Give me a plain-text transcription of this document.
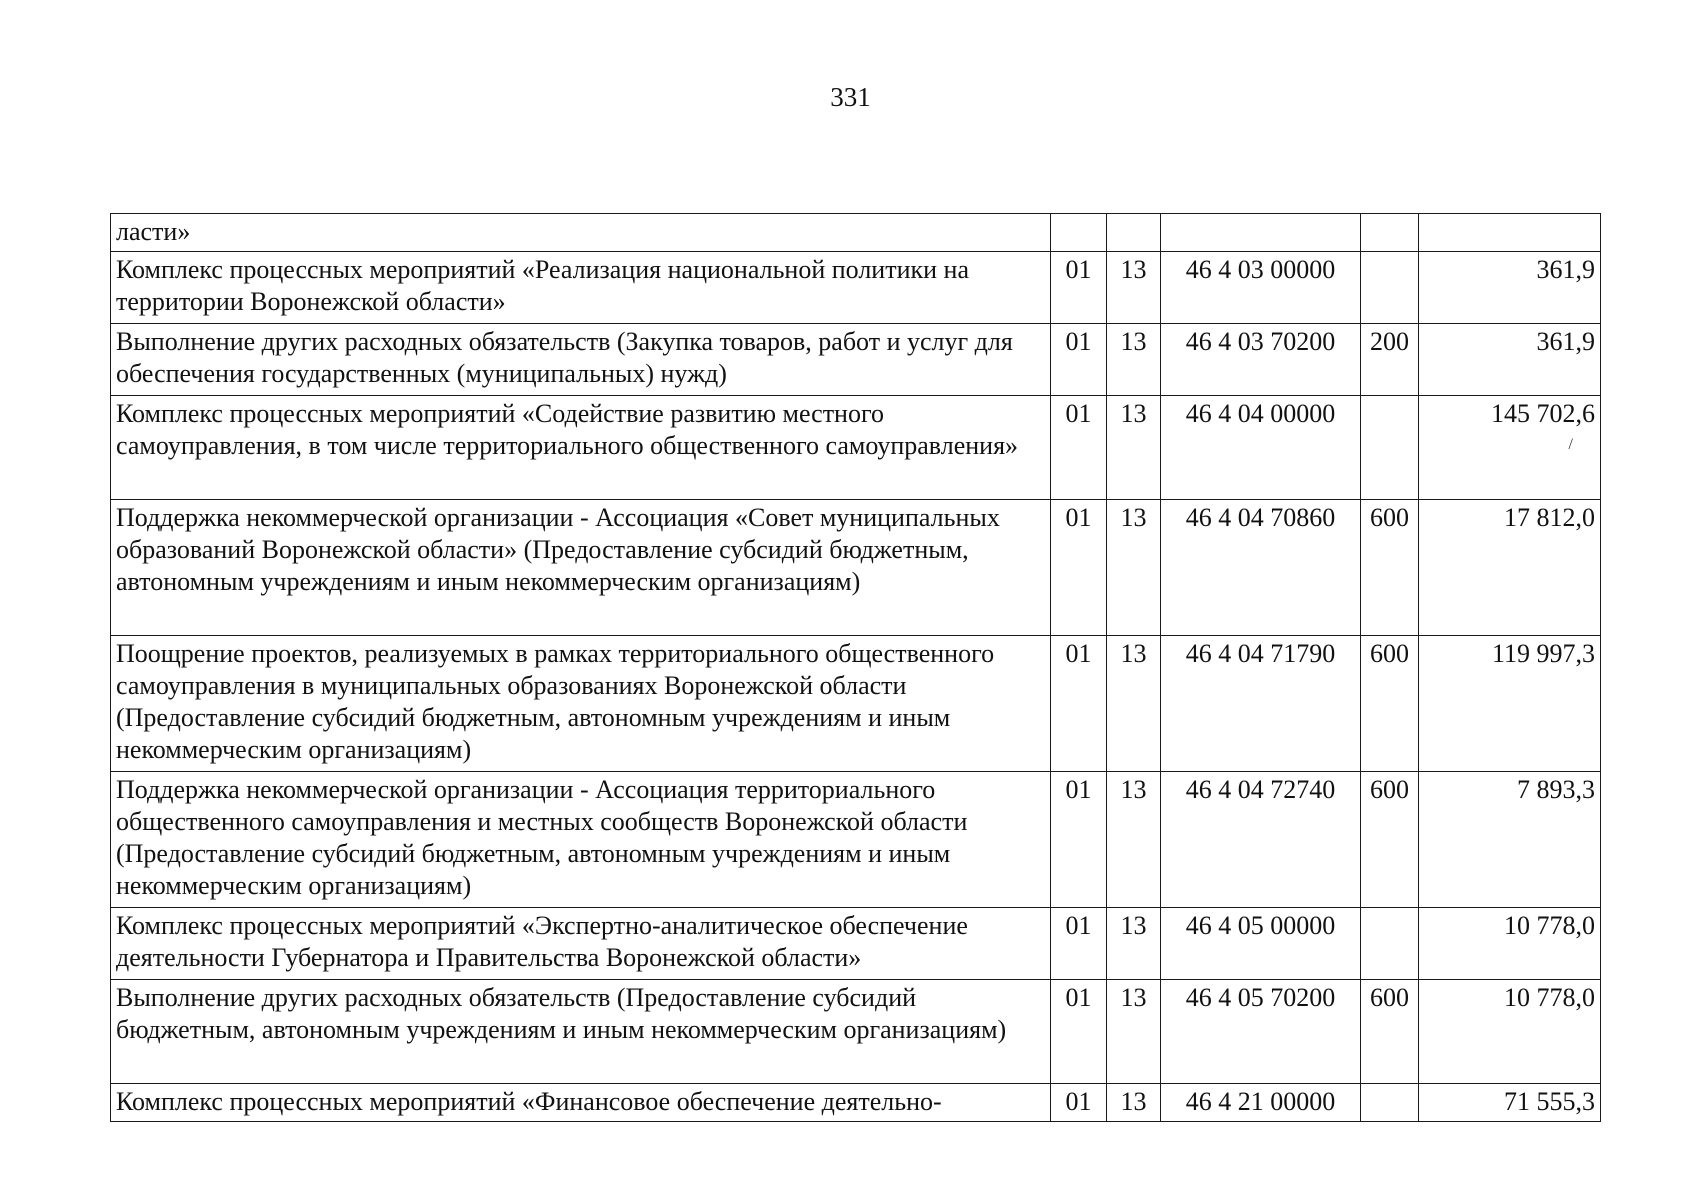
331
ласти»					
Комплекс процессных мероприятий «Реализация национальной политики на территории Воронежской области»	01	13	46 4 03 00000		361,9
Выполнение других расходных обязательств (Закупка товаров, работ и услуг для обеспечения государственных (муниципальных) нужд)	01	13	46 4 03 70200	200	361,9
Комплекс процессных мероприятий «Содействие развитию местного самоуправления, в том числе территориального общественного самоуправления»	01	13	46 4 04 00000		145 702,6
/

Поддержка некоммерческой организации - Ассоциация «Совет муниципальных образований Воронежской области» (Предоставление субсидий бюджетным, автономным учреждениям и иным некоммерческим организациям)	01	13	46 4 04 70860	600	17 812,0
Поощрение проектов, реализуемых в рамках территориального общественного самоуправления в муниципальных образованиях Воронежской области (Предоставление субсидий бюджетным, автономным учреждениям и иным некоммерческим организациям)	01	13	46 4 04 71790	600	119 997,3
Поддержка некоммерческой организации - Ассоциация территориального общественного самоуправления и местных сообществ Воронежской области (Предоставление субсидий бюджетным, автономным учреждениям и иным некоммерческим организациям)	01	13	46 4 04 72740	600	7 893,3
Комплекс процессных мероприятий «Экспертно-аналитическое обеспечение деятельности Губернатора и Правительства Воронежской области»	01	13	46 4 05 00000		10 778,0
Выполнение других расходных обязательств (Предоставление субсидий бюджетным, автономным учреждениям и иным некоммерческим организациям)	01	13	46 4 05 70200	600	10 778,0
Комплекс процессных мероприятий «Финансовое обеспечение деятельно-	01	13	46 4 21 00000		71 555,3
